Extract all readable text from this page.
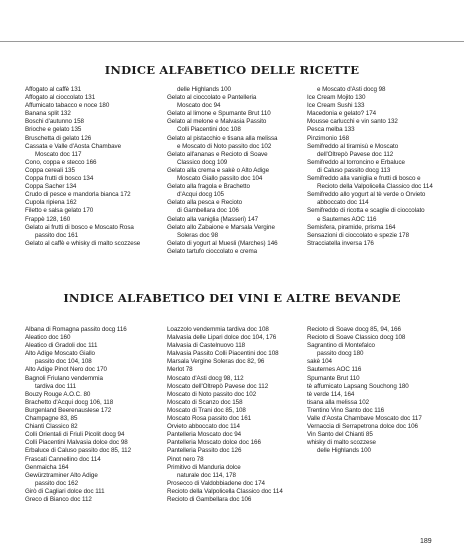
INDICE ALFABETICO DELLE RICETTE
Affogato al caffè 131
Affogato al cioccolato 131
Affumicato tabacco e noce 180
Banana split 132
Boschi d'autunno 158
Brioche e gelato 135
Bruschetta di gelato 126
Cassata e Valle d'Aosta Chambave
Moscato doc 117
Cono, coppa e stecco 166
Coppa cereali 135
Coppa frutti di bosco 134
Coppa Sacher 134
Crudo di pesce e mandorla bianca 172
Cupola ripiena 162
Filetto e salsa gelato 170
Frappè 128, 160
Gelato ai frutti di bosco e Moscato Rosa
passito doc 161
Gelato al caffè e whisky di malto scozzese
delle Highlands 100
Gelato al cioccolato e Pantelleria
Moscato doc 94
Gelato al limone e Spumante Brut 110
Gelato al melone e Malvasia Passito
Colli Piacentini doc 108
Gelato al pistacchio e tisana alla melissa
e Moscato di Noto passito doc 102
Gelato all'ananas e Recioto di Soave
Classico docg 109
Gelato alla crema e sakè o Alto Adige
Moscato Giallo passito doc 104
Gelato alla fragola e Brachetto
d'Acqui docg 105
Gelato alla pesca e Recioto
di Gambellara doc 106
Gelato alla vaniglia (Masseri) 147
Gelato allo Zabaione e Marsala Vergine
Soleras doc 98
Gelato di yogurt al Muesli (Marches) 146
Gelato tartufo cioccolato e crema
e Moscato d'Asti docg 98
Ice Cream Mojito 130
Ice Cream Sushi 133
Macedonia e gelato? 174
Mousse carlucchi e vin santo 132
Pesca melba 133
Pinzimonio 168
Semifreddo al tiramisù e Moscato
dell'Oltrepò Pavese doc 112
Semifreddo al torroncino e Erbaluce
di Caluso passito docg 113
Semifreddo alla vaniglia e frutti di bosco e
Recioto della Valpolicella Classico doc 114
Semifreddo allo yogurt al tè verde o Orvieto
abboccato doc 114
Semifreddo di ricotta e scaglie di cioccolato
e Sauternes AOC 116
Semisfera, piramide, prisma 164
Sensazioni di cioccolato e spezie 178
Stracciatella inversa 176
INDICE ALFABETICO DEI VINI E ALTRE BEVANDE
Albana di Romagna passito docg 116
Aleatico doc 160
Aleatico di Gradoli doc 111
Alto Adige Moscato Giallo
passito doc 104, 108
Alto Adige Pinot Nero doc 170
Bagnoli Friulano vendemmia
tardiva doc 111
Bouzy Rouge A.O.C. 80
Brachetto d'Acqui docg 106, 118
Burgenland Beerenauslese 172
Champagne 83, 85
Chianti Classico 82
Colli Orientali di Friuli Picolit docg 94
Colli Piacentini Malvasia dolce doc 98
Erbaluce di Caluso passito doc 85, 112
Frascati Cannellino doc 114
Genmaicha 164
Gewürztraminer Alto Adige
passito doc 162
Girò di Cagliari dolce doc 111
Greco di Bianco doc 112
Loazzolo vendemmia tardiva doc 108
Malvasia delle Lipari dolce doc 104, 176
Malvasia di Castelnuovo 118
Malvasia Passito Colli Piacentini doc 108
Marsala Vergine Soleras doc 82, 96
Merlot 78
Moscato d'Asti docg 98, 112
Moscato dell'Oltrepò Pavese doc 112
Moscato di Noto passito doc 102
Moscato di Scanzo doc 158
Moscato di Trani doc 85, 108
Moscato Rosa passito doc 161
Orvieto abboccato doc 114
Pantelleria Moscato doc 94
Pantelleria Moscato dolce doc 166
Pantelleria Passito doc 126
Pinot nero 78
Primitivo di Manduria dolce
naturale doc 114, 178
Prosecco di Valdobbiadene doc 174
Recioto della Valpolicella Classico doc 114
Recioto di Gambellara doc 106
Recioto di Soave docg 85, 94, 166
Recioto di Soave Classico docg 108
Sagrantino di Montefalco
passito docg 180
sakè 104
Sauternes AOC 116
Spumante Brut 110
tè affumicato Lapsang Souchong 180
tè verde 114, 164
tisana alla melissa 102
Trentino Vino Santo doc 116
Valle d'Aosta Chambave Moscato doc 117
Vernaccia di Serrapetrona dolce doc 106
Vin Santo del Chianti 85
whisky di malto scozzese
delle Highlands 100
189
